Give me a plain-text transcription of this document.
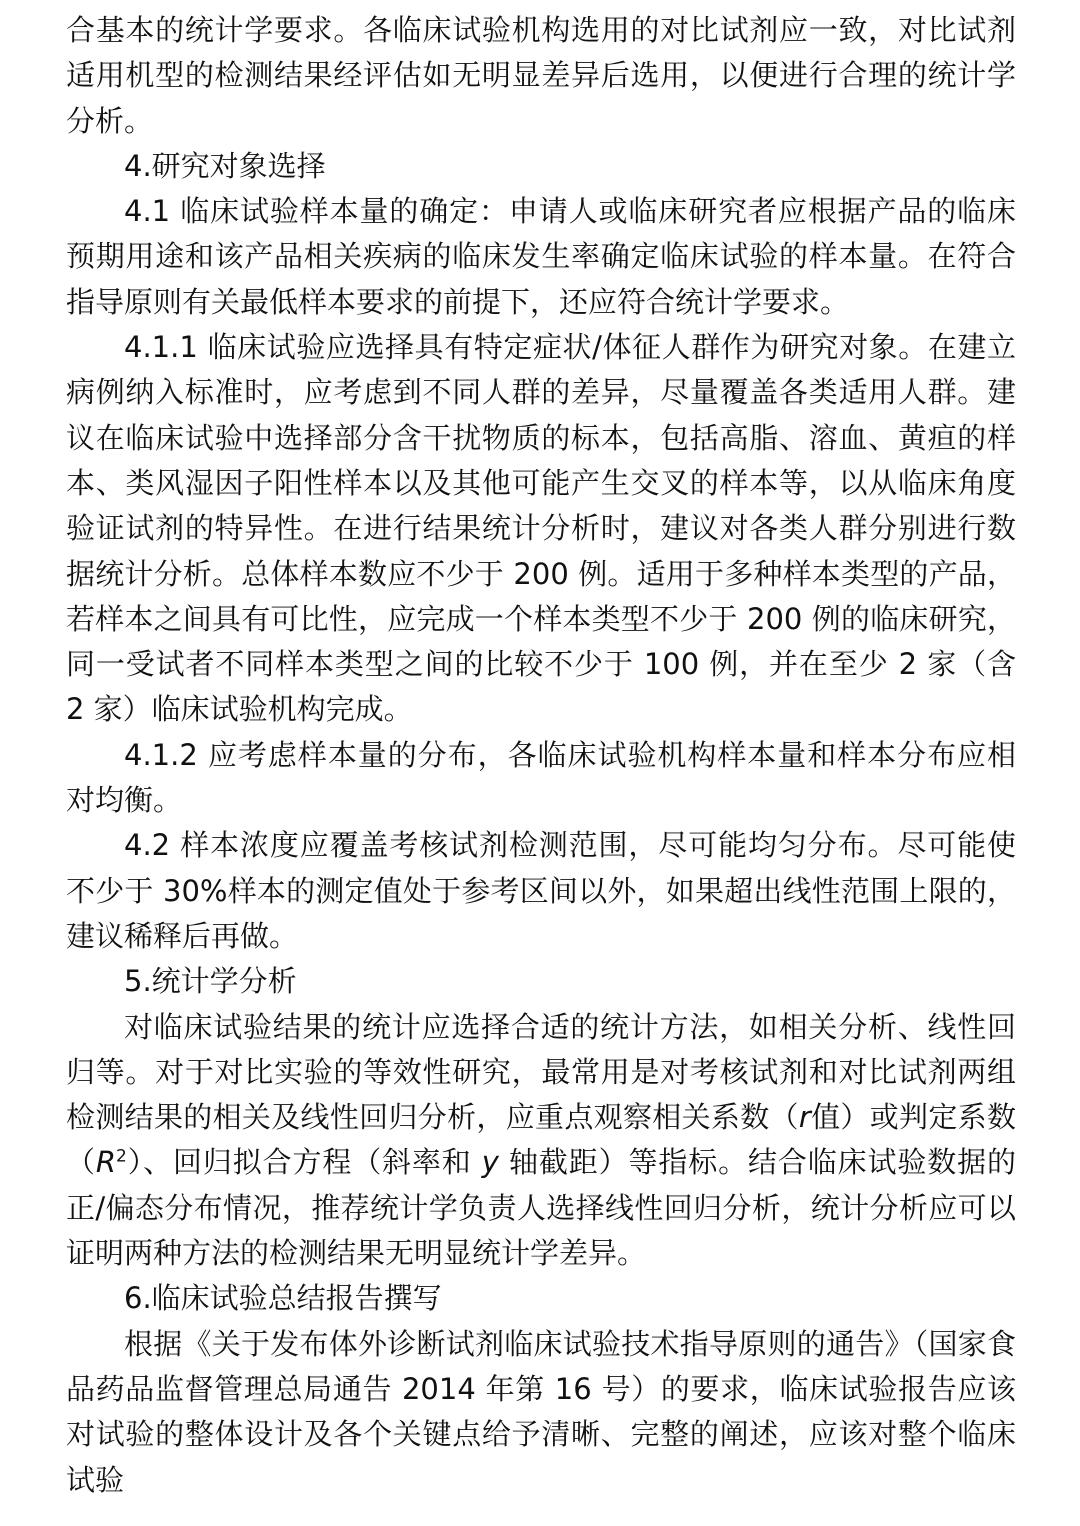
合基本的统计学要求。各临床试验机构选用的对比试剂应一致，对比试剂适用机型的检测结果经评估如无明显差异后选用，以便进行合理的统计学分析。

4.研究对象选择

4.1 临床试验样本量的确定：申请人或临床研究者应根据产品的临床预期用途和该产品相关疾病的临床发生率确定临床试验的样本量。在符合指导原则有关最低样本要求的前提下，还应符合统计学要求。

4.1.1 临床试验应选择具有特定症状/体征人群作为研究对象。在建立病例纳入标准时，应考虑到不同人群的差异，尽量覆盖各类适用人群。建议在临床试验中选择部分含干扰物质的标本，包括高脂、溶血、黄疸的样本、类风湿因子阳性样本以及其他可能产生交叉的样本等，以从临床角度验证试剂的特异性。在进行结果统计分析时，建议对各类人群分别进行数据统计分析。总体样本数应不少于 200 例。适用于多种样本类型的产品，若样本之间具有可比性，应完成一个样本类型不少于 200 例的临床研究，同一受试者不同样本类型之间的比较不少于 100 例，并在至少 2 家（含 2 家）临床试验机构完成。

4.1.2 应考虑样本量的分布，各临床试验机构样本量和样本分布应相对均衡。

4.2 样本浓度应覆盖考核试剂检测范围，尽可能均匀分布。尽可能使不少于 30%样本的测定值处于参考区间以外，如果超出线性范围上限的，建议稀释后再做。

5.统计学分析

对临床试验结果的统计应选择合适的统计方法，如相关分析、线性回归等。对于对比实验的等效性研究，最常用是对考核试剂和对比试剂两组检测结果的相关及线性回归分析，应重点观察相关系数（r值）或判定系数$(R^2)$、回归拟合方程（斜率和 y 轴截距）等指标。结合临床试验数据的正/偏态分布情况，推荐统计学负责人选择线性回归分析，统计分析应可以证明两种方法的检测结果无明显统计学差异。

6.临床试验总结报告撰写

根据《关于发布体外诊断试剂临床试验技术指导原则的通告》（国家食品药品监督管理总局通告 2014 年第 16 号）的要求，临床试验报告应该对试验的整体设计及各个关键点给予清晰、完整的阐述，应该对整个临床试验
